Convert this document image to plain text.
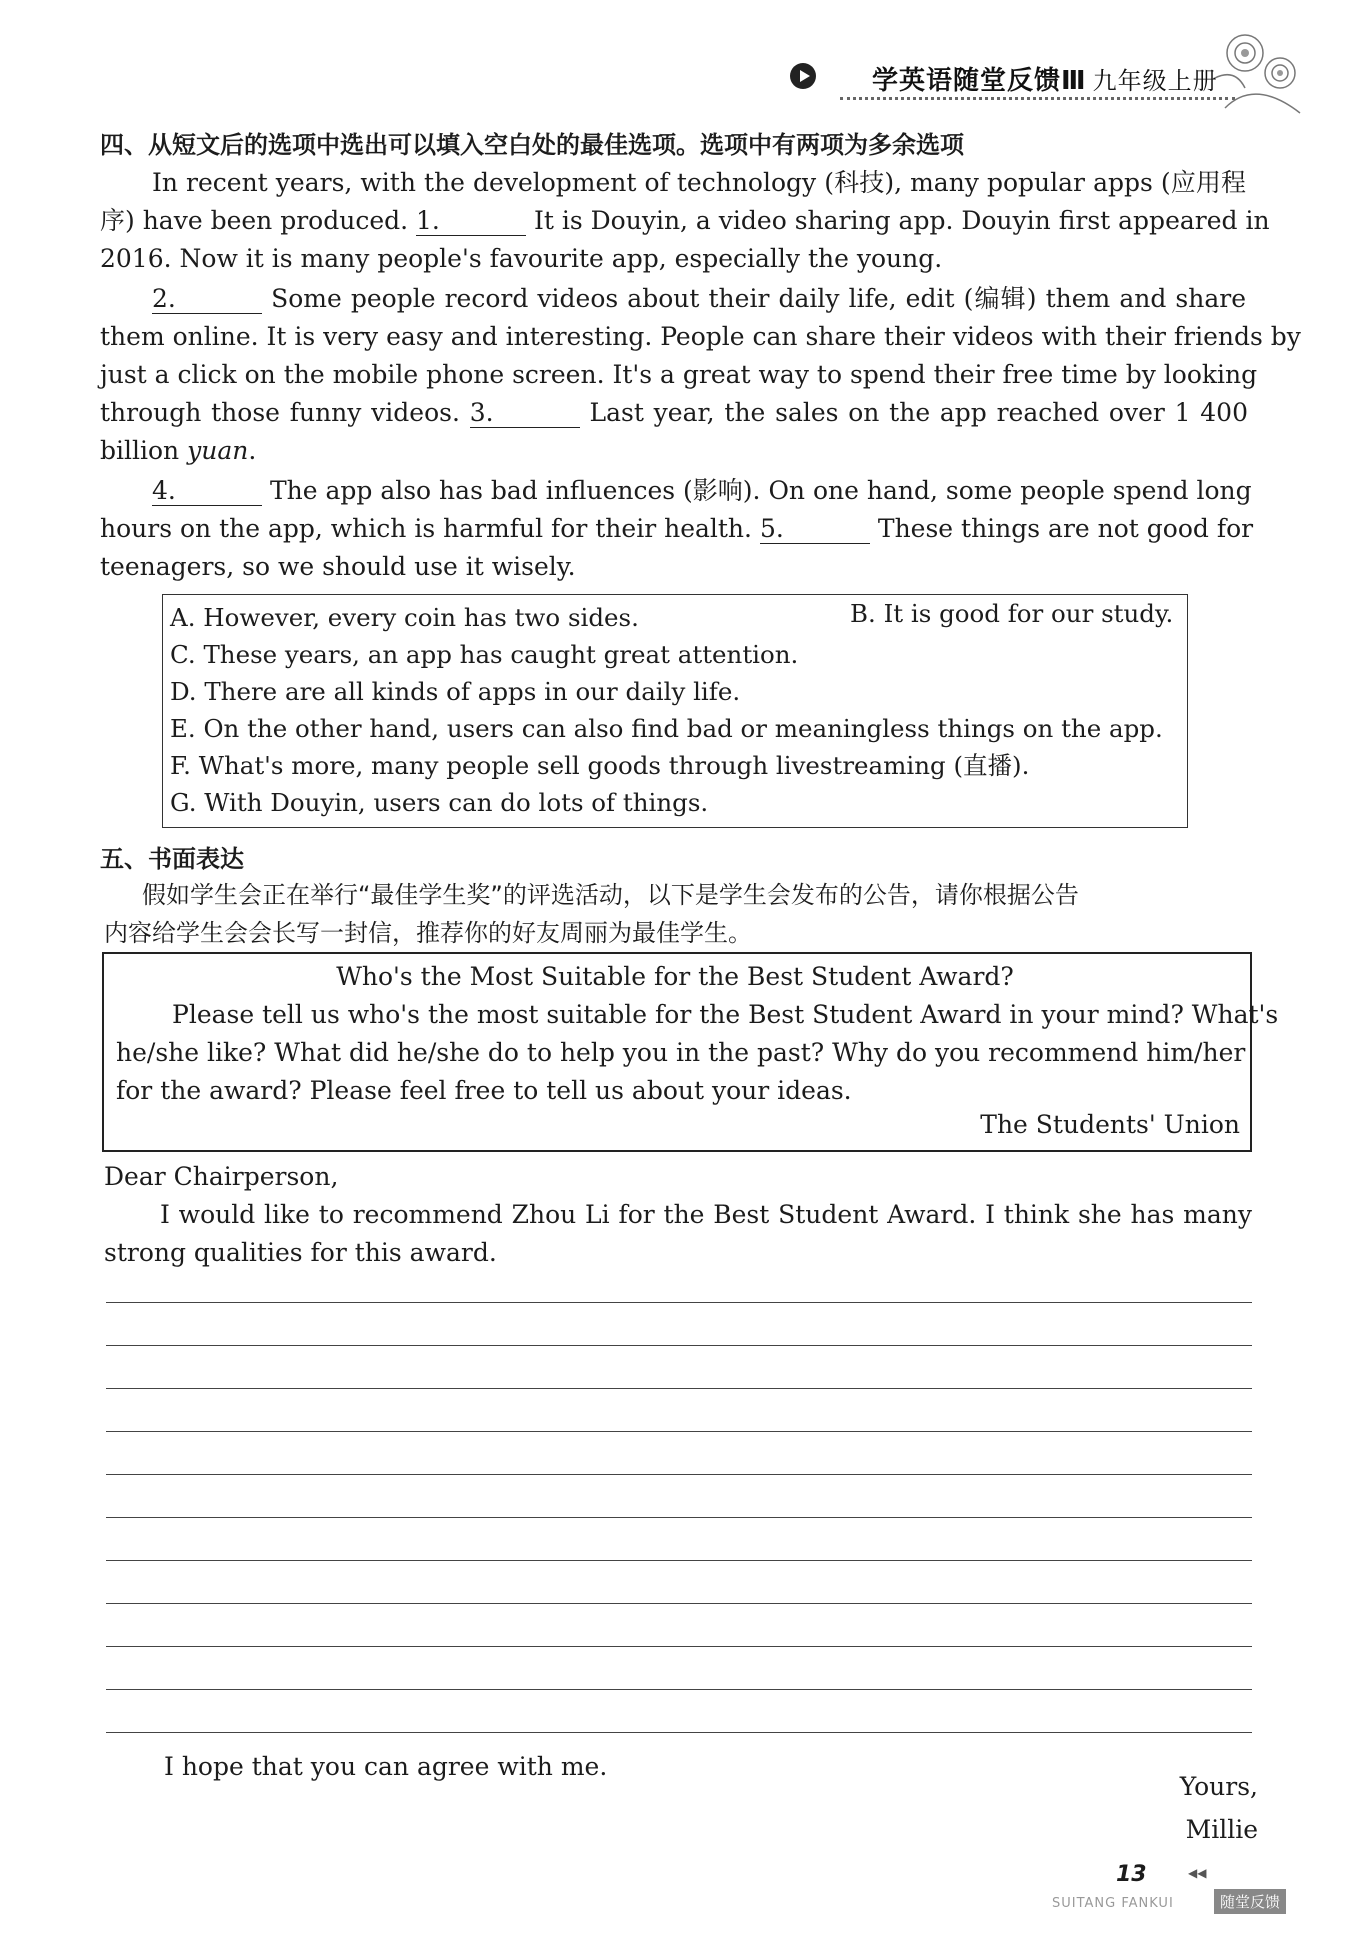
学英语随堂反馈Ⅲ 九年级上册
四、从短文后的选项中选出可以填入空白处的最佳选项。选项中有两项为多余选项
In recent years, with the development of technology (科技), many popular apps (应用程
序) have been produced. 1.	It is Douyin, a video sharing app. Douyin first appeared in
2016. Now it is many people's favourite app, especially the young.
2.	Some people record videos about their daily life, edit (编辑) them and share
them online. It is very easy and interesting. People can share their videos with their friends by
just a click on the mobile phone screen. It's a great way to spend their free time by looking
through those funny videos. 3.	Last year, the sales on the app reached over 1 400
billion yuan.
4.	The app also has bad influences (影响). On one hand, some people spend long
hours on the app, which is harmful for their health. 5.	These things are not good for
teenagers, so we should use it wisely.
A. However, every coin has two sides.	B. It is good for our study.
C. These years, an app has caught great attention.
D. There are all kinds of apps in our daily life.
E. On the other hand, users can also find bad or meaningless things on the app.
F. What's more, many people sell goods through livestreaming (直播).
G. With Douyin, users can do lots of things.
五、书面表达
假如学生会正在举行“最佳学生奖”的评选活动，以下是学生会发布的公告，请你根据公告
内容给学生会会长写一封信，推荐你的好友周丽为最佳学生。
Who's the Most Suitable for the Best Student Award?
Please tell us who's the most suitable for the Best Student Award in your mind? What's
he/she like? What did he/she do to help you in the past? Why do you recommend him/her
for the award? Please feel free to tell us about your ideas.
The Students' Union
Dear Chairperson,
I would like to recommend Zhou Li for the Best Student Award. I think she has many
strong qualities for this award.
I hope that you can agree with me.
Yours,
Millie
13	◀◀
SUITANG FANKUI	随堂反馈
